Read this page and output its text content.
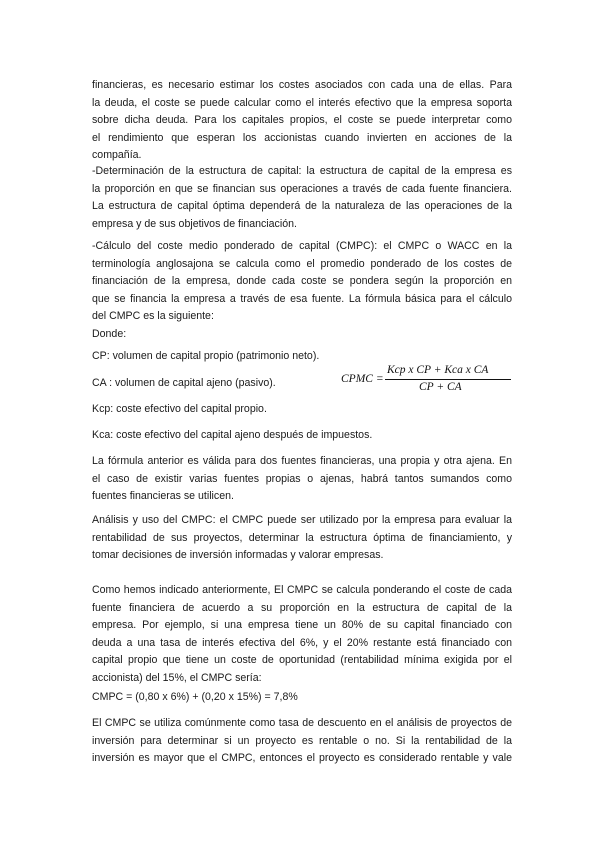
financieras, es necesario estimar los costes asociados con cada una de ellas. Para
la deuda, el coste se puede calcular como el interés efectivo que la empresa soporta
sobre dicha deuda. Para los capitales propios, el coste se puede interpretar como
el rendimiento que esperan los accionistas cuando invierten en acciones de la
compañía.
-Determinación de la estructura de capital: la estructura de capital de la empresa es
la proporción en que se financian sus operaciones a través de cada fuente financiera.
La estructura de capital óptima dependerá de la naturaleza de las operaciones de la
empresa y de sus objetivos de financiación.
-Cálculo del coste medio ponderado de capital (CMPC): el CMPC o WACC en la
terminología anglosajona se calcula como el promedio ponderado de los costes de
financiación de la empresa, donde cada coste se pondera según la proporción en
que se financia la empresa a través de esa fuente. La fórmula básica para el cálculo
del CMPC es la siguiente:
Donde:

CP: volumen de capital propio (patrimonio neto).

CA : volumen de capital ajeno (pasivo).

Kcp: coste efectivo del capital propio.

Kca: coste efectivo del capital ajeno después de impuestos.

CPMC =
Kcp x CP + Kca x CA
CP + CA
La fórmula anterior es válida para dos fuentes financieras, una propia y otra ajena. En
el caso de existir varias fuentes propias o ajenas, habrá tantos sumandos como
fuentes financieras se utilicen.
Análisis y uso del CMPC: el CMPC puede ser utilizado por la empresa para evaluar la
rentabilidad de sus proyectos, determinar la estructura óptima de financiamiento, y
tomar decisiones de inversión informadas y valorar empresas.
Como hemos indicado anteriormente, El CMPC se calcula ponderando el coste de cada
fuente financiera de acuerdo a su proporción en la estructura de capital de la
empresa. Por ejemplo, si una empresa tiene un 80% de su capital financiado con
deuda a una tasa de interés efectiva del 6%, y el 20% restante está financiado con
capital propio que tiene un coste de oportunidad (rentabilidad mínima exigida por el
accionista) del 15%, el CMPC sería:

CMPC = (0,80 x 6%) + (0,20 x 15%) = 7,8%

El CMPC se utiliza comúnmente como tasa de descuento en el análisis de proyectos de
inversión para determinar si un proyecto es rentable o no. Si la rentabilidad de la
inversión es mayor que el CMPC, entonces el proyecto es considerado rentable y vale
